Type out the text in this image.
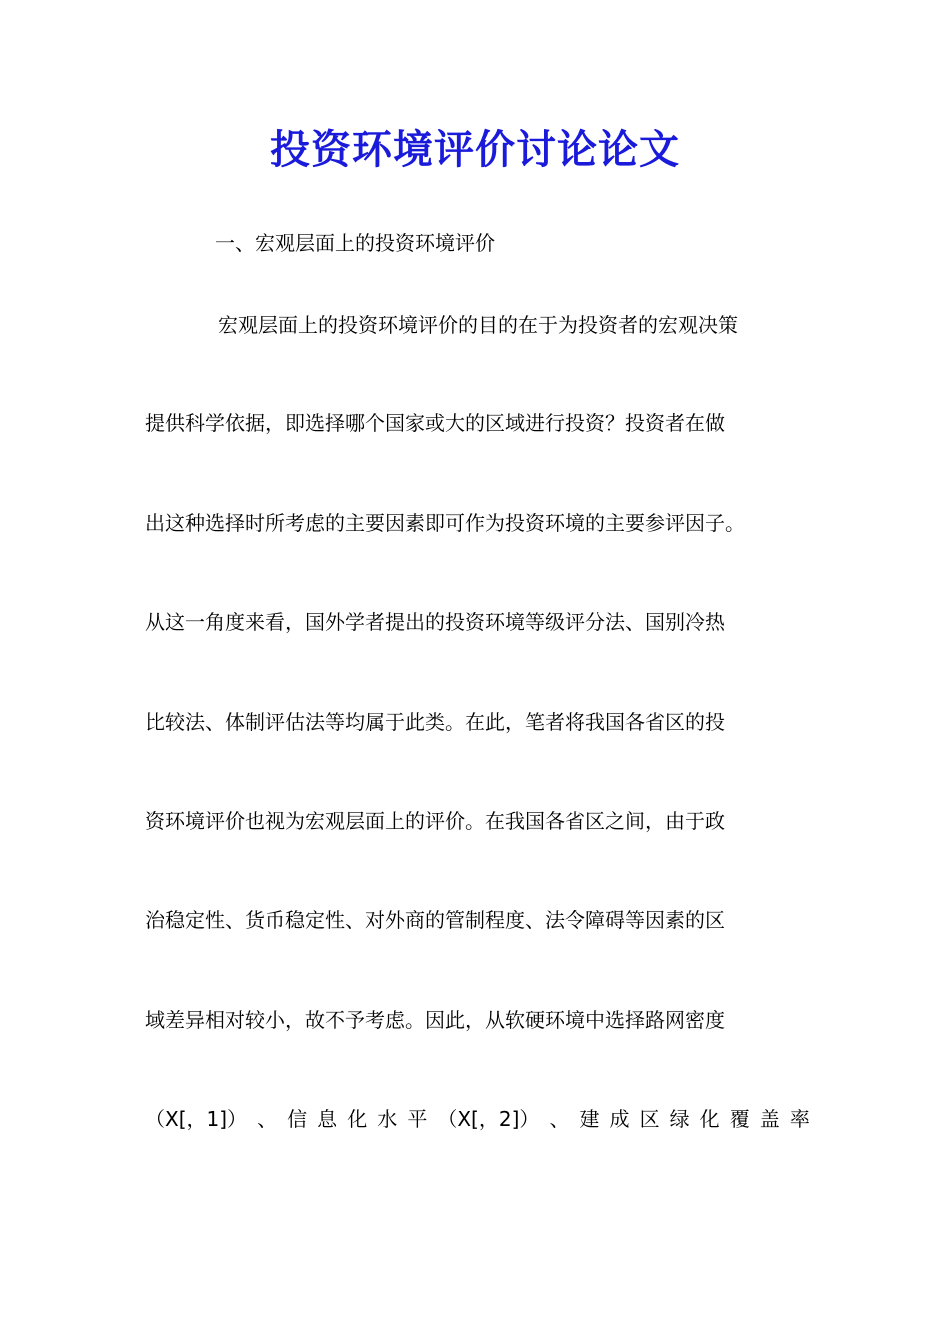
投资环境评价讨论论文
一、宏观层面上的投资环境评价
宏观层面上的投资环境评价的目的在于为投资者的宏观决策
提供科学依据，即选择哪个国家或大的区域进行投资？投资者在做
出这种选择时所考虑的主要因素即可作为投资环境的主要参评因子。
从这一角度来看，国外学者提出的投资环境等级评分法、国别冷热
比较法、体制评估法等均属于此类。在此，笔者将我国各省区的投
资环境评价也视为宏观层面上的评价。在我国各省区之间，由于政
治稳定性、货币稳定性、对外商的管制程度、法令障碍等因素的区
域差异相对较小，故不予考虑。因此，从软硬环境中选择路网密度
（X[，1]） 、 信 息 化 水 平 （X[，2]） 、 建 成 区 绿 化 覆 盖 率
